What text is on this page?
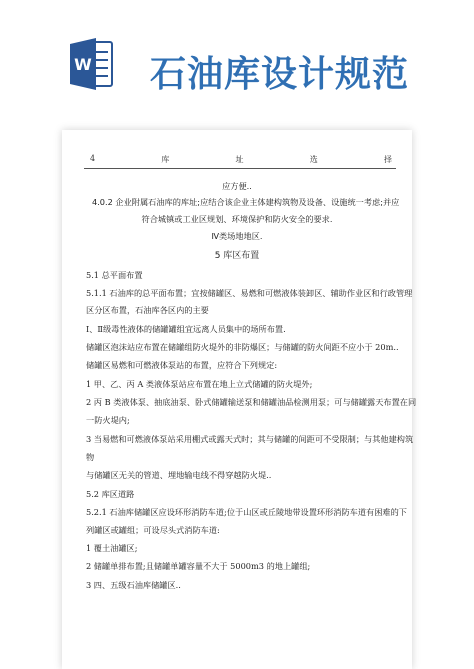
W 石油库设计规范
4	库	址	选	择
应方便..
4.0.2 企业附属石油库的库址;应结合该企业主体建构筑物及设备、设施统一考虑;并应
符合城镇或工业区规划、环境保护和防火安全的要求.
Ⅳ类场地地区.
5 库区布置
5.1 总平面布置
5.1.1 石油库的总平面布置；宜按储罐区、易燃和可燃液体装卸区、辅助作业区和行政管理
区分区布置，石油库各区内的主要
Ⅰ、Ⅱ级毒性液体的储罐罐组宜远离人员集中的场所布置.
储罐区泡沫站应布置在储罐组防火堤外的非防爆区；与储罐的防火间距不应小于 20m..
储罐区易燃和可燃液体泵站的布置，应符合下列规定:
1 甲、乙、丙 A 类液体泵站应布置在地上立式储罐的防火堤外;
2 丙 B 类液体泵、抽底油泵、卧式储罐输送泵和储罐油品检测用泵；可与储罐露天布置在同
一防火堤内;
3 当易燃和可燃液体泵站采用棚式或露天式时；其与储罐的间距可不受限制；与其他建构筑
物
与储罐区无关的管道、埋地输电线不得穿越防火堤..
5.2 库区道路
5.2.1 石油库储罐区应设环形消防车道;位于山区或丘陵地带设置环形消防车道有困难的下
列罐区或罐组；可设尽头式消防车道:
1 覆土油罐区;
2 储罐单排布置;且储罐单罐容量不大于 5000m3 的地上罐组;
3 四、五级石油库储罐区..
